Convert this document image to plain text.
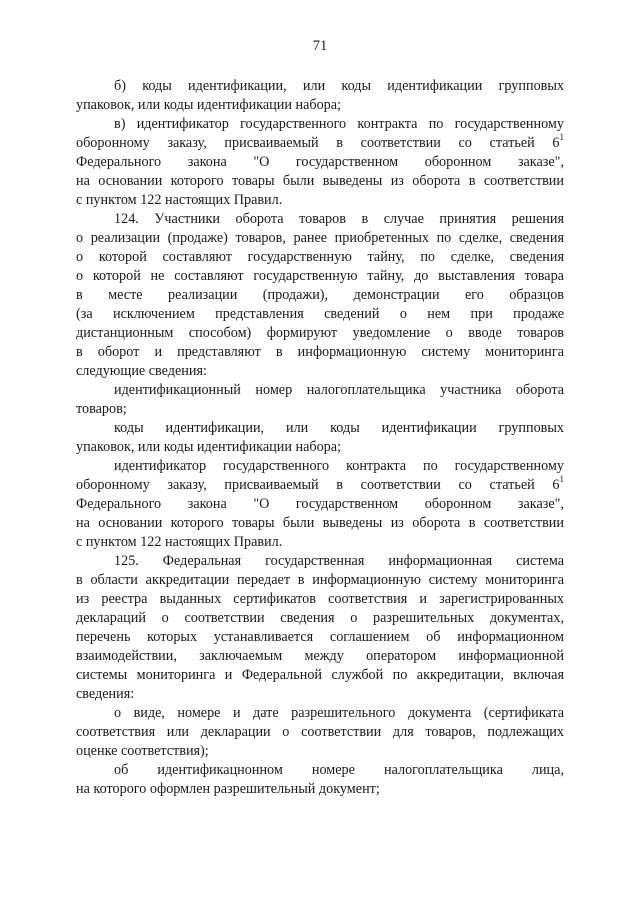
71
б) коды идентификации, или коды идентификации групповых
упаковок, или коды идентификации набора;
в) идентификатор государственного контракта по государственному
оборонному заказу, присваиваемый в соответствии со статьей $6^1$
Федерального закона "О государственном оборонном заказе",
на основании которого товары были выведены из оборота в соответствии
с пунктом 122 настоящих Правил.
124. Участники оборота товаров в случае принятия решения
о реализации (продаже) товаров, ранее приобретенных по сделке, сведения
о которой составляют государственную тайну, по сделке, сведения
о которой не составляют государственную тайну, до выставления товара
в месте реализации (продажи), демонстрации его образцов
(за исключением представления сведений о нем при продаже
дистанционным способом) формируют уведомление о вводе товаров
в оборот и представляют в информационную систему мониторинга
следующие сведения:
идентификационный номер налогоплательщика участника оборота
товаров;
коды идентификации, или коды идентификации групповых
упаковок, или коды идентификации набора;
идентификатор государственного контракта по государственному
оборонному заказу, присваиваемый в соответствии со статьей $6^1$
Федерального закона "О государственном оборонном заказе",
на основании которого товары были выведены из оборота в соответствии
с пунктом 122 настоящих Правил.
125. Федеральная государственная информационная система
в области аккредитации передает в информационную систему мониторинга
из реестра выданных сертификатов соответствия и зарегистрированных
деклараций о соответствии сведения о разрешительных документах,
перечень которых устанавливается соглашением об информационном
взаимодействии, заключаемым между оператором информационной
системы мониторинга и Федеральной службой по аккредитации, включая
сведения:
о виде, номере и дате разрешительного документа (сертификата
соответствия или декларации о соответствии для товаров, подлежащих
оценке соответствия);
об идентификацнонном номере налогоплательщика лица,
на которого оформлен разрешительный документ;
